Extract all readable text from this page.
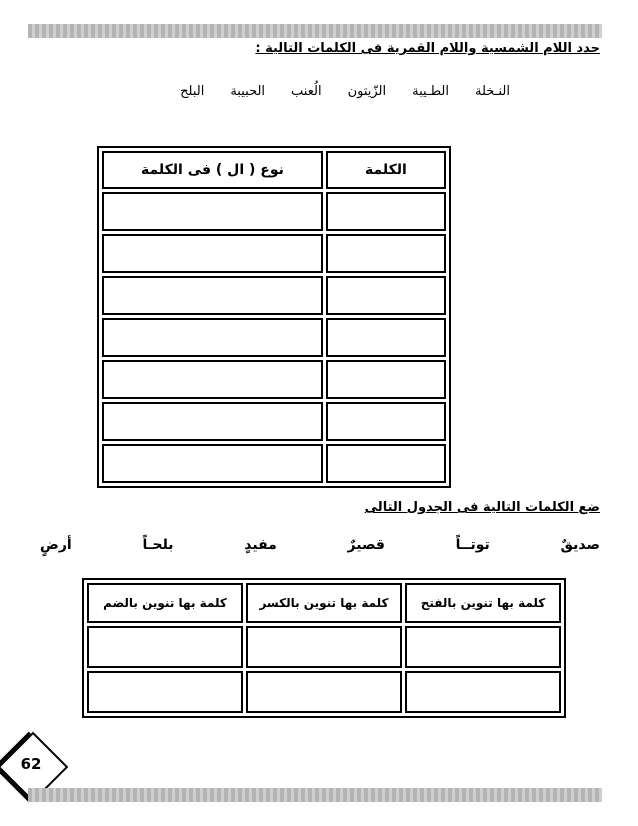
حدد اللام الشمسية واللام القمرية فى الكلمات التالية :
النـخلة
الطـيبة
الزّيتون
الُعنب
الحبيبة
البلح
الكلمة	نوع ( ال ) فى الكلمة

ضع الكلمات التالية فى الجدول التالى
صديقٌ
توتــاً
قصيرٌ
مفيدٍ
بلحـاً
أرضٍ
كلمة بها تنوين بالفتح	كلمة بها تنوين بالكسر	كلمة بها تنوين بالضم

62
